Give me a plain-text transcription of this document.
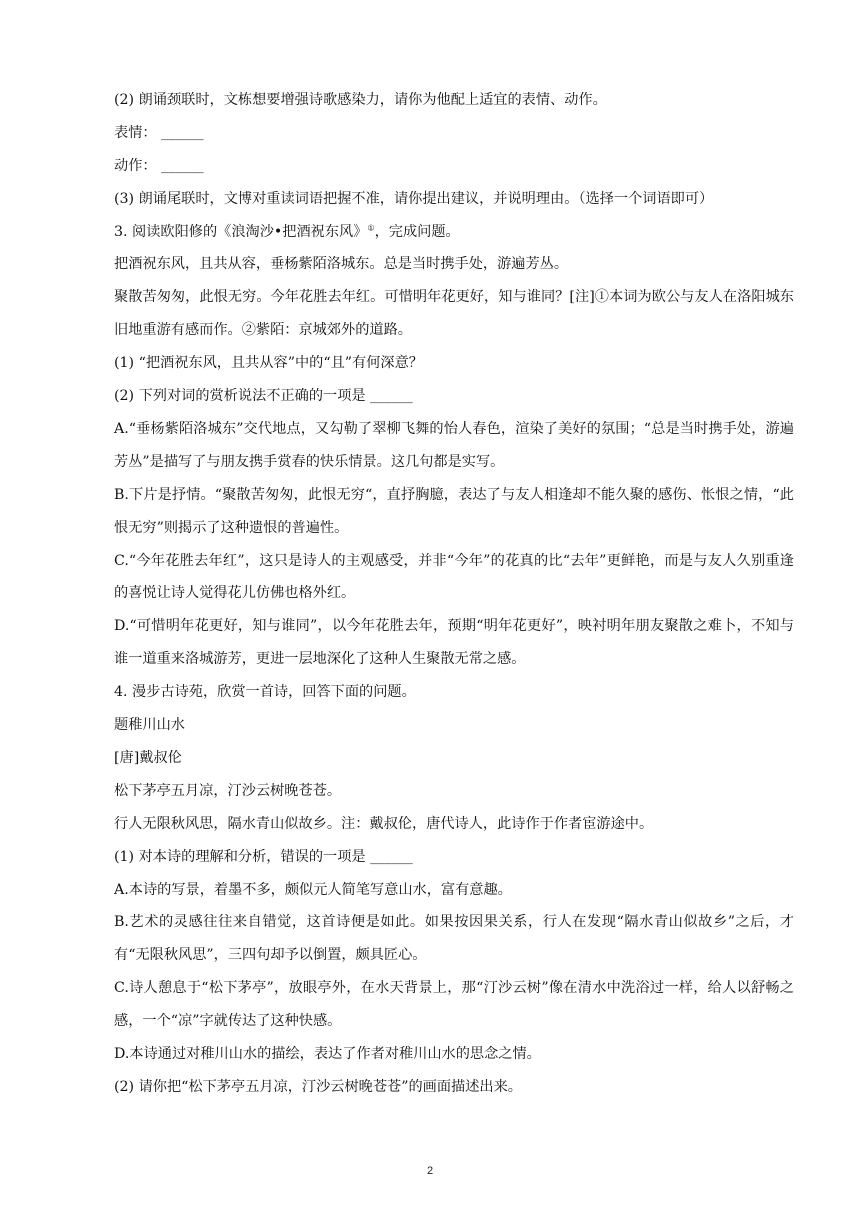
(2) 朗诵颈联时，文栋想要增强诗歌感染力，请你为他配上适宜的表情、动作。
表情： ______
动作： ______
(3) 朗诵尾联时，文博对重读词语把握不准，请你提出建议，并说明理由。（选择一个词语即可）
3. 阅读欧阳修的《浪淘沙•把酒祝东风》①，完成问题。
把酒祝东风，且共从容，垂杨紫陌洛城东。总是当时携手处，游遍芳丛。
聚散苦匆匆，此恨无穷。今年花胜去年红。可惜明年花更好，知与谁同？[注]①本词为欧公与友人在洛阳城东旧地重游有感而作。②紫陌：京城郊外的道路。
(1) “把酒祝东风，且共从容”中的“且”有何深意？
(2) 下列对词的赏析说法不正确的一项是 ______
A.“垂杨紫陌洛城东”交代地点，又勾勒了翠柳飞舞的怡人春色，渲染了美好的氛围；“总是当时携手处，游遍芳丛”是描写了与朋友携手赏春的快乐情景。这几句都是实写。
B.下片是抒情。“聚散苦匆匆，此恨无穷“，直抒胸臆，表达了与友人相逢却不能久聚的感伤、怅恨之情，“此恨无穷”则揭示了这种遗恨的普遍性。
C.“今年花胜去年红”，这只是诗人的主观感受，并非“今年”的花真的比“去年”更鲜艳，而是与友人久别重逢的喜悦让诗人觉得花儿仿佛也格外红。
D.“可惜明年花更好，知与谁同”，以今年花胜去年，预期“明年花更好”，映衬明年朋友聚散之难卜，不知与谁一道重来洛城游芳，更进一层地深化了这种人生聚散无常之感。
4. 漫步古诗苑，欣赏一首诗，回答下面的问题。
题稚川山水
[唐]戴叔伦
松下茅亭五月凉，汀沙云树晚苍苍。
行人无限秋风思，隔水青山似故乡。注：戴叔伦，唐代诗人，此诗作于作者宦游途中。
(1) 对本诗的理解和分析，错误的一项是 ______
A.本诗的写景，着墨不多，颇似元人简笔写意山水，富有意趣。
B.艺术的灵感往往来自错觉，这首诗便是如此。如果按因果关系，行人在发现“隔水青山似故乡”之后，才有“无限秋风思”，三四句却予以倒置，颇具匠心。
C.诗人憩息于“松下茅亭”，放眼亭外，在水天背景上，那“汀沙云树”像在清水中洗浴过一样，给人以舒畅之感，一个“凉”字就传达了这种快感。
D.本诗通过对稚川山水的描绘，表达了作者对稚川山水的思念之情。
(2) 请你把“松下茅亭五月凉，汀沙云树晚苍苍”的画面描述出来。
2
